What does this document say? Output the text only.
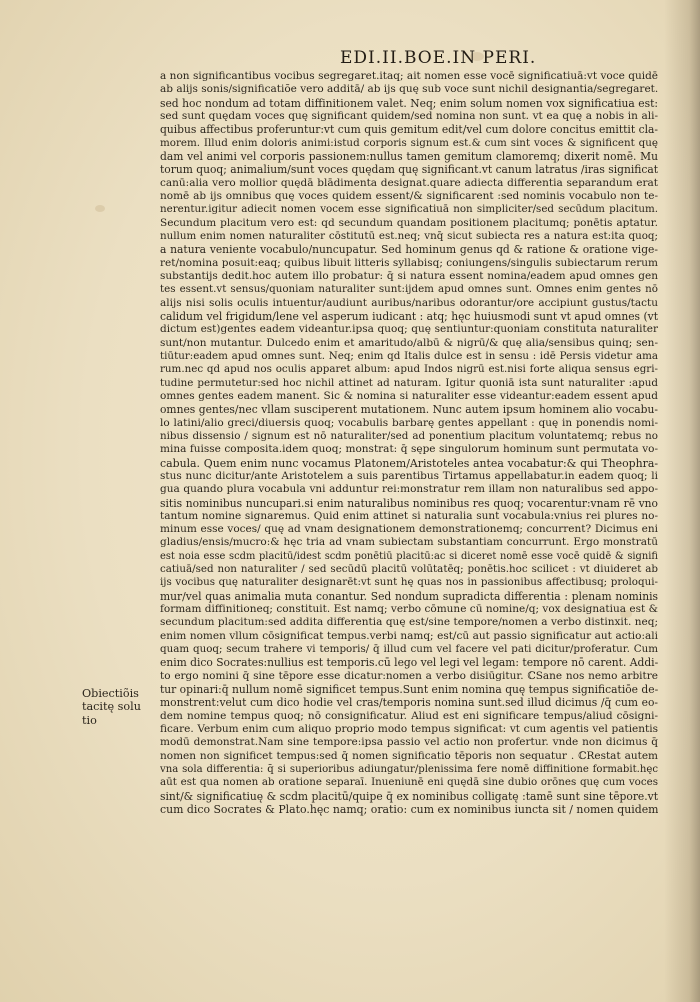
EDI.II.BOE.IN PERI.
Obiectiõis
tacitę solu
tio
a non significantibus vocibus segregaret.itaq; ait nomen esse vocē significatiuā:vt voce quidē
ab alijs sonis/significatiõe vero additā/ ab ijs quę sub voce sunt nichil designantia/segregaret.
sed hoc nondum ad totam diffinitionem valet. Neq; enim solum nomen vox significatiua est:
sed sunt quędam voces quę significant quidem/sed nomina non sunt. vt ea quę a nobis in ali-
quibus affectibus proferuntur:vt cum quis gemitum edit/vel cum dolore concitus emittit cla-
morem. Illud enim doloris animi:istud corporis signum est.& cum sint voces & significent quę
dam vel animi vel corporis passionem:nullus tamen gemitum clamoremq; dixerit nomē. Mu
torum quoq; animalium/sunt voces quędam quę significant.vt canum latratus /iras significat
canū:alia vero mollior quędā blādimenta designat.quare adiecta differentia separandum erat
nomē ab ijs omnibus quę voces quidem essent/& significarent :sed nominis vocabulo non te-
nerentur.igitur adiecit nomen vocem esse significatiuā non simpliciter/sed secūdum placitum.
Secundum placitum vero est: qd secundum quandam positionem placitumq; ponētis aptatur.
nullum enim nomen naturaliter cōstitutū est.neq; vnq̄ sicut subiecta res a natura est:ita quoq;
a natura veniente vocabulo/nuncupatur. Sed hominum genus qd & ratione & oratione vige-
ret/nomina posuit:eaq; quibus libuit litteris syllabisq; coniungens/singulis subiectarum rerum
substantijs dedit.hoc autem illo probatur: q̄ si natura essent nomina/eadem apud omnes gen
tes essent.vt sensus/quoniam naturaliter sunt:ijdem apud omnes sunt. Omnes enim gentes nō
alijs nisi solis oculis intuentur/audiunt auribus/naribus odorantur/ore accipiunt gustus/tactu
calidum vel frigidum/lene vel asperum iudicant : atq; hęc huiusmodi sunt vt apud omnes (vt
dictum est)gentes eadem videantur.ipsa quoq; quę sentiuntur:quoniam constituta naturaliter
sunt/non mutantur. Dulcedo enim et amaritudo/albū & nigrū/& quę alia/sensibus quinq; sen-
tiūtur:eadem apud omnes sunt. Neq; enim qd Italis dulce est in sensu : idē Persis videtur ama
rum.nec qd apud nos oculis apparet album: apud Indos nigrū est.nisi forte aliqua sensus egri-
tudine permutetur:sed hoc nichil attinet ad naturam. Igitur quoniā ista sunt naturaliter :apud
omnes gentes eadem manent. Sic & nomina si naturaliter esse videantur:eadem essent apud
omnes gentes/nec vllam susciperent mutationem. Nunc autem ipsum hominem alio vocabu-
lo latini/alio greci/diuersis quoq; vocabulis barbarę gentes appellant : quę in ponendis nomi-
nibus dissensio / signum est nō naturaliter/sed ad ponentium placitum voluntatemq; rebus no
mina fuisse composita.idem quoq; monstrat: q̄ sępe singulorum hominum sunt permutata vo-
cabula. Quem enim nunc vocamus Platonem/Aristoteles antea vocabatur:& qui Theophra-
stus nunc dicitur/ante Aristotelem a suis parentibus Tirtamus appellabatur.in eadem quoq; li
gua quando plura vocabula vni adduntur rei:monstratur rem illam non naturalibus sed appo-
sitis nominibus nuncupari.si enim naturalibus nominibus res quoq; vocarentur:vnam rē vno
tantum nomine signaremus. Quid enim attinet si naturalia sunt vocabula:vnius rei plures no-
minum esse voces/ quę ad vnam designationem demonstrationemq; concurrent? Dicimus eni
gladius/ensis/mucro:& hęc tria ad vnam subiectam substantiam concurrunt. Ergo monstratū
est noia esse scdm placitū/idest scdm ponētiū placitū:ac si diceret nomē esse vocē quidē & signifi
catiuā/sed non naturaliter / sed secūdū placitū volūtatēq; ponētis.hoc scilicet : vt diuideret ab
ijs vocibus quę naturaliter designarēt:vt sunt hę quas nos in passionibus affectibusq; proloqui-
mur/vel quas animalia muta conantur. Sed nondum supradicta differentia : plenam nominis
formam diffinitioneq; constituit. Est namq; verbo cōmune cū nomine/q; vox designatiua est &
secundum placitum:sed addita differentia quę est/sine tempore/nomen a verbo distinxit. neq;
enim nomen vllum cōsignificat tempus.verbi namq; est/cū aut passio significatur aut actio:ali
quam quoq; secum trahere vi temporis/ q̄ illud cum vel facere vel pati dicitur/proferatur. Cum
enim dico Socrates:nullius est temporis.cū lego vel legi vel legam: tempore nō carent. Addi-
to ergo nomini q̄ sine tēpore esse dicatur:nomen a verbo disiūgitur. ℂSane nos nemo arbitre
tur opinari:q̄ nullum nomē significet tempus.Sunt enim nomina quę tempus significatiōe de-
monstrent:velut cum dico hodie vel cras/temporis nomina sunt.sed illud dicimus /q̄ cum eo-
dem nomine tempus quoq; nō consignificatur. Aliud est eni significare tempus/aliud cōsigni-
ficare. Verbum enim cum aliquo proprio modo tempus significat: vt cum agentis vel patientis
modū demonstrat.Nam sine tempore:ipsa passio vel actio non profertur. vnde non dicimus q̄
nomen non significet tempus:sed q̄ nomen significatio tēporis non sequatur . ℂRestat autem
vna sola differentia: q̄ si superioribus adiungatur/plenissima fere nomē diffinitione formabit.hęc
aūt est qua nomen ab oratione separaī. Inueniunē eni quędā sine dubio orōnes quę cum voces
sint/& significatiuę & scdm placitū/quipe q̄ ex nominibus colligatę :tamē sunt sine tēpore.vt
cum dico Socrates & Plato.hęc namq; oratio: cum ex nominibus iuncta sit / nomen quidem
